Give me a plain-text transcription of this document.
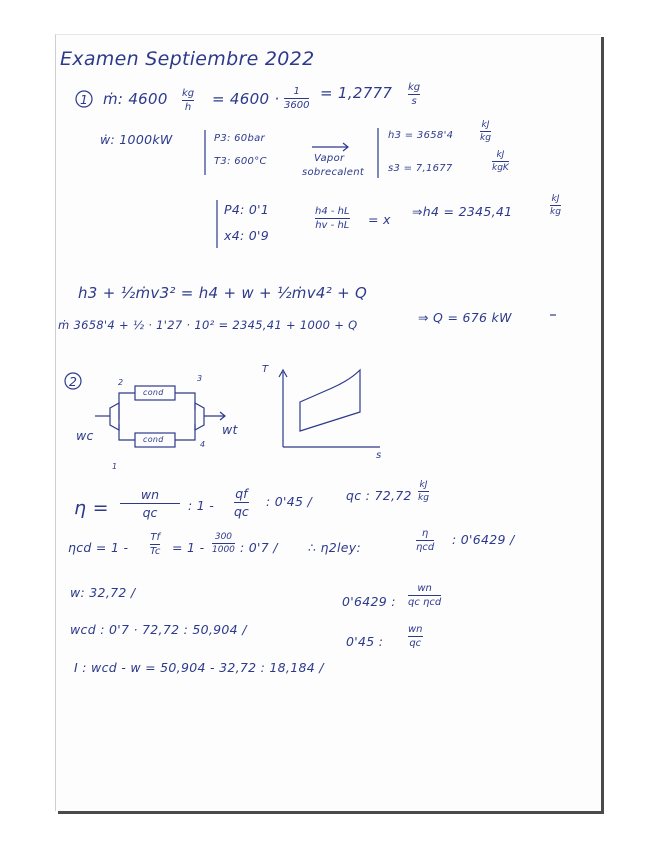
Examen Septiembre 2022
1 ṁ: 4600 kg
h = 4600 · 1
3600
= 1,2777 kg
s
ẇ: 1000kW	P3: 60bar
T3: 600°C	Vapor
sobrecalent
h3 = 3658'4
kJ
kg
s3 = 7,1677
kJ
kgK
P4: 0'1
x4: 0'9
h4 - hL
hv - hL = x
⇒h4 = 2345,41
kJ
kg
h3 + ½ṁv3² = h4 + w + ½ṁv4² + Q
ṁ 3658'4 + ½ · 1'27 · 10² = 2345,41 + 1000 + Q	⇒ Q = 676 kW
2
cond
cond
2	3
4
1
wc	wt
T
s
η =
wn
qc : 1 -
qf
qc
: 0'45 /	qc : 72,72
kJ
kg
ηcd = 1 -
Tf
Tc = 1 -
300
1000 : 0'7 / ∴ η2ley:
η
ηcd
: 0'6429 /
w: 32,72 /
0'6429 :
wn
qc ηcd
wcd : 0'7 · 72,72 : 50,904 /
0'45 :
wn
qc
I : wcd - w = 50,904 - 32,72 : 18,184 /
